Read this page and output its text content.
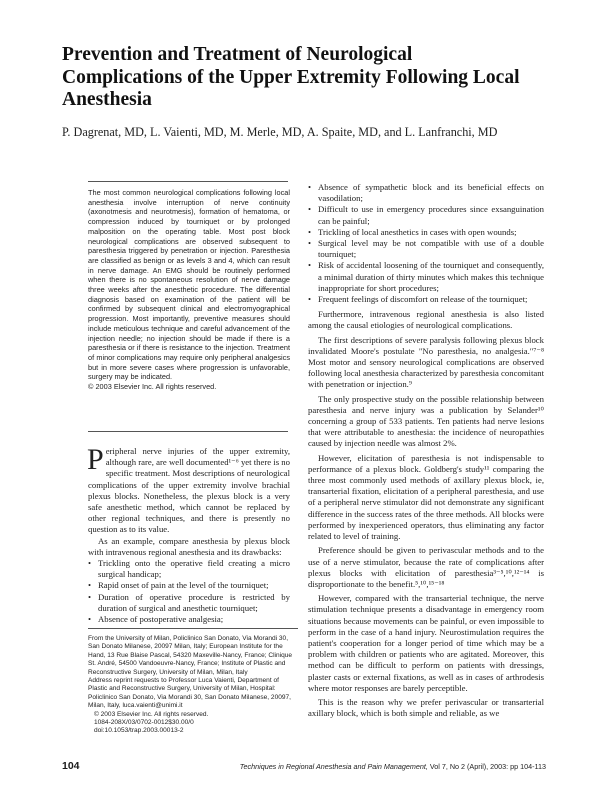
Prevention and Treatment of Neurological Complications of the Upper Extremity Following Local Anesthesia
P. Dagrenat, MD, L. Vaienti, MD, M. Merle, MD, A. Spaite, MD, and L. Lanfranchi, MD

The most common neurological complications following local anesthesia involve interruption of nerve continuity (axonotmesis and neurotmesis), formation of hematoma, or compression induced by tourniquet or by prolonged malposition on the operating table. Most post block neurological complications are observed subsequent to paresthesia triggered by penetration or injection. Paresthesia are classified as benign or as levels 3 and 4, which can result in nerve damage. An EMG should be routinely performed when there is no spontaneous resolution of nerve damage three weeks after the anesthetic procedure. The differential diagnosis based on examination of the patient will be confirmed by subsequent clinical and electromyographical progression. Most importantly, preventive measures should include meticulous technique and careful advancement of the injection needle; no injection should be made if there is a paresthesia or if there is resistance to the injection. Treatment of minor complications may require only peripheral analgesics but in more severe cases where progression is unfavorable, surgery may be indicated.

© 2003 Elsevier Inc. All rights reserved.

Peripheral nerve injuries of the upper extremity, although rare, are well documented¹⁻⁶ yet there is no specific treatment. Most descriptions of neurological complications of the upper extremity involve brachial plexus blocks. Nonetheless, the plexus block is a very safe anesthetic method, which cannot be replaced by other regional techniques, and there is presently no question as to its value.

As an example, compare anesthesia by plexus block with intravenous regional anesthesia and its drawbacks:

• Trickling onto the operative field creating a micro surgical handicap;
• Rapid onset of pain at the level of the tourniquet;
• Duration of operative procedure is restricted by duration of surgical and anesthetic tourniquet;
• Absence of postoperative analgesia;

From the University of Milan, Policlinico San Donato, Via Morandi 30, San Donato Milanese, 20097 Milan, Italy; European Institute for the Hand, 13 Rue Blaise Pascal, 54320 Maxeville-Nancy, France; Clinique St. André, 54500 Vandoeuvre-Nancy, France; Institute of Plastic and Reconstructive Surgery, University of Milan, Milan, Italy

Address reprint requests to Professor Luca Vaienti, Department of Plastic and Reconstructive Surgery, University of Milan, Hospital: Policlinico San Donato, Via Morandi 30, San Donato Milanese, 20097, Milan, Italy, luca.vaienti@unimi.it

© 2003 Elsevier Inc. All rights reserved.

1084-208X/03/0702-0012$30.00/0

doi:10.1053/trap.2003.00013-2

• Absence of sympathetic block and its beneficial effects on vasodilation;
• Difficult to use in emergency procedures since exsanguination can be painful;
• Trickling of local anesthetics in cases with open wounds;
• Surgical level may be not compatible with use of a double tourniquet;
• Risk of accidental loosening of the tourniquet and consequently, a minimal duration of thirty minutes which makes this technique inappropriate for short procedures;
• Frequent feelings of discomfort on release of the tourniquet;

Furthermore, intravenous regional anesthesia is also listed among the causal etiologies of neurological complications.

The first descriptions of severe paralysis following plexus block invalidated Moore's postulate "No paresthesia, no analgesia."⁷⁻⁸ Most motor and sensory neurological complications are observed following local anesthesia characterized by paresthesia concomitant with penetration or injection.⁹

The only prospective study on the possible relationship between paresthesia and nerve injury was a publication by Selander¹⁰ concerning a group of 533 patients. Ten patients had nerve lesions that were attributable to anesthesia: the incidence of neuropathies caused by injection needle was almost 2%.

However, elicitation of paresthesia is not indispensable to performance of a plexus block. Goldberg's study¹¹ comparing the three most commonly used methods of axillary plexus block, ie, transarterial fixation, elicitation of a peripheral paresthesia, and use of a peripheral nerve stimulator did not demonstrate any significant difference in the success rates of the three methods. All blocks were performed by inexperienced operators, thus eliminating any factor related to level of training.

Preference should be given to perivascular methods and to the use of a nerve stimulator, because the rate of complications after plexus blocks with elicitation of paresthesia³⁻⁵,¹⁰,¹²⁻¹⁴ is disproportionate to the benefit.⁵,¹⁰,¹⁵⁻¹⁸

However, compared with the transarterial technique, the nerve stimulation technique presents a disadvantage in emergency room situations because movements can be painful, or even impossible to perform in the case of a hand injury. Neurostimulation requires the patient's cooperation for a longer period of time which may be a problem with children or patients who are agitated. Moreover, this method can be difficult to perform on patients with dressings, plaster casts or external fixations, as well as in cases of arthrodesis where motor responses are barely perceptible.

This is the reason why we prefer perivascular or transarterial axillary block, which is both simple and reliable, as we

104	Techniques in Regional Anesthesia and Pain Management, Vol 7, No 2 (April), 2003: pp 104-113
